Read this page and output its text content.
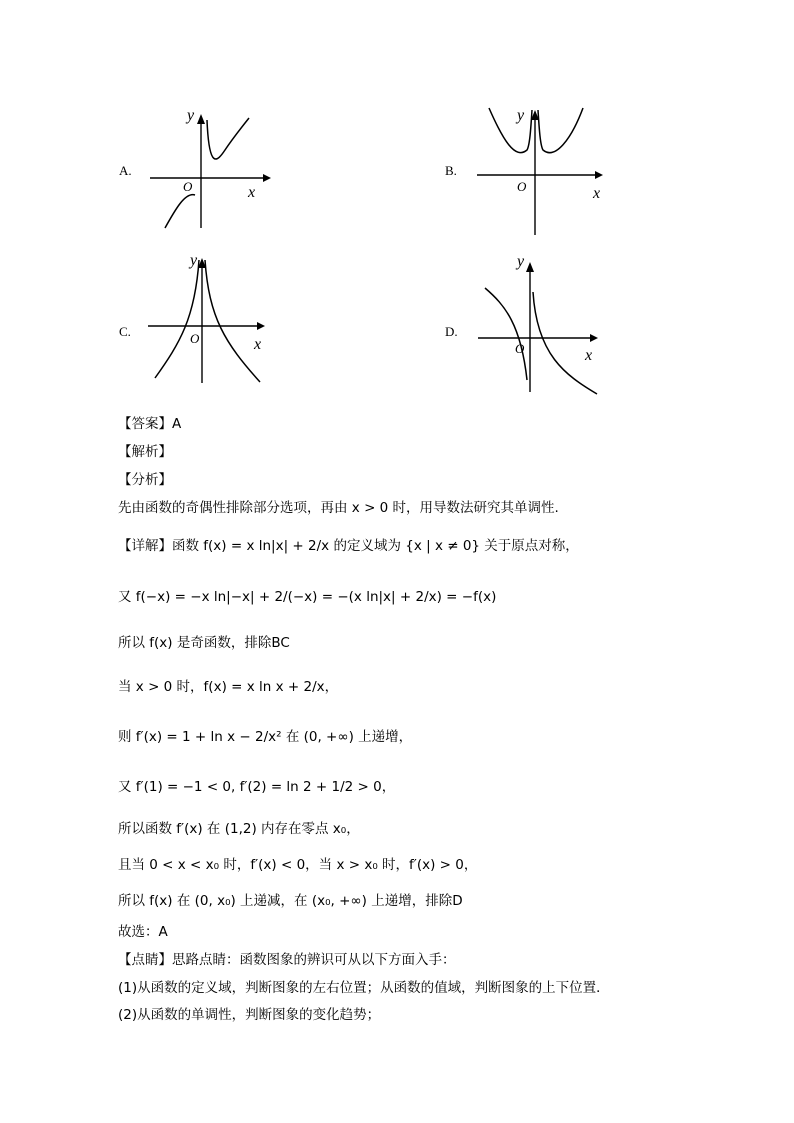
A.
y
x
O
B.
y
x
O
C.
y
x
O	D.
y
x
O
【答案】A
【解析】
【分析】
先由函数的奇偶性排除部分选项，再由 x > 0 时，用导数法研究其单调性.
【详解】函数 f(x) = x ln|x| + 2/x 的定义域为 {x | x ≠ 0} 关于原点对称，
又 f(−x) = −x ln|−x| + 2/(−x) = −(x ln|x| + 2/x) = −f(x)
所以 f(x) 是奇函数，排除BC
当 x > 0 时，f(x) = x ln x + 2/x，
则 f′(x) = 1 + ln x − 2/x² 在 (0, +∞) 上递增，
又 f′(1) = −1 < 0, f′(2) = ln 2 + 1/2 > 0，
所以函数 f′(x) 在 (1,2) 内存在零点 x₀，
且当 0 < x < x₀ 时，f′(x) < 0，当 x > x₀ 时，f′(x) > 0，
所以 f(x) 在 (0, x₀) 上递减，在 (x₀, +∞) 上递增，排除D
故选：A
【点睛】思路点睛：函数图象的辨识可从以下方面入手：
(1)从函数的定义域，判断图象的左右位置；从函数的值域，判断图象的上下位置．
(2)从函数的单调性，判断图象的变化趋势；
